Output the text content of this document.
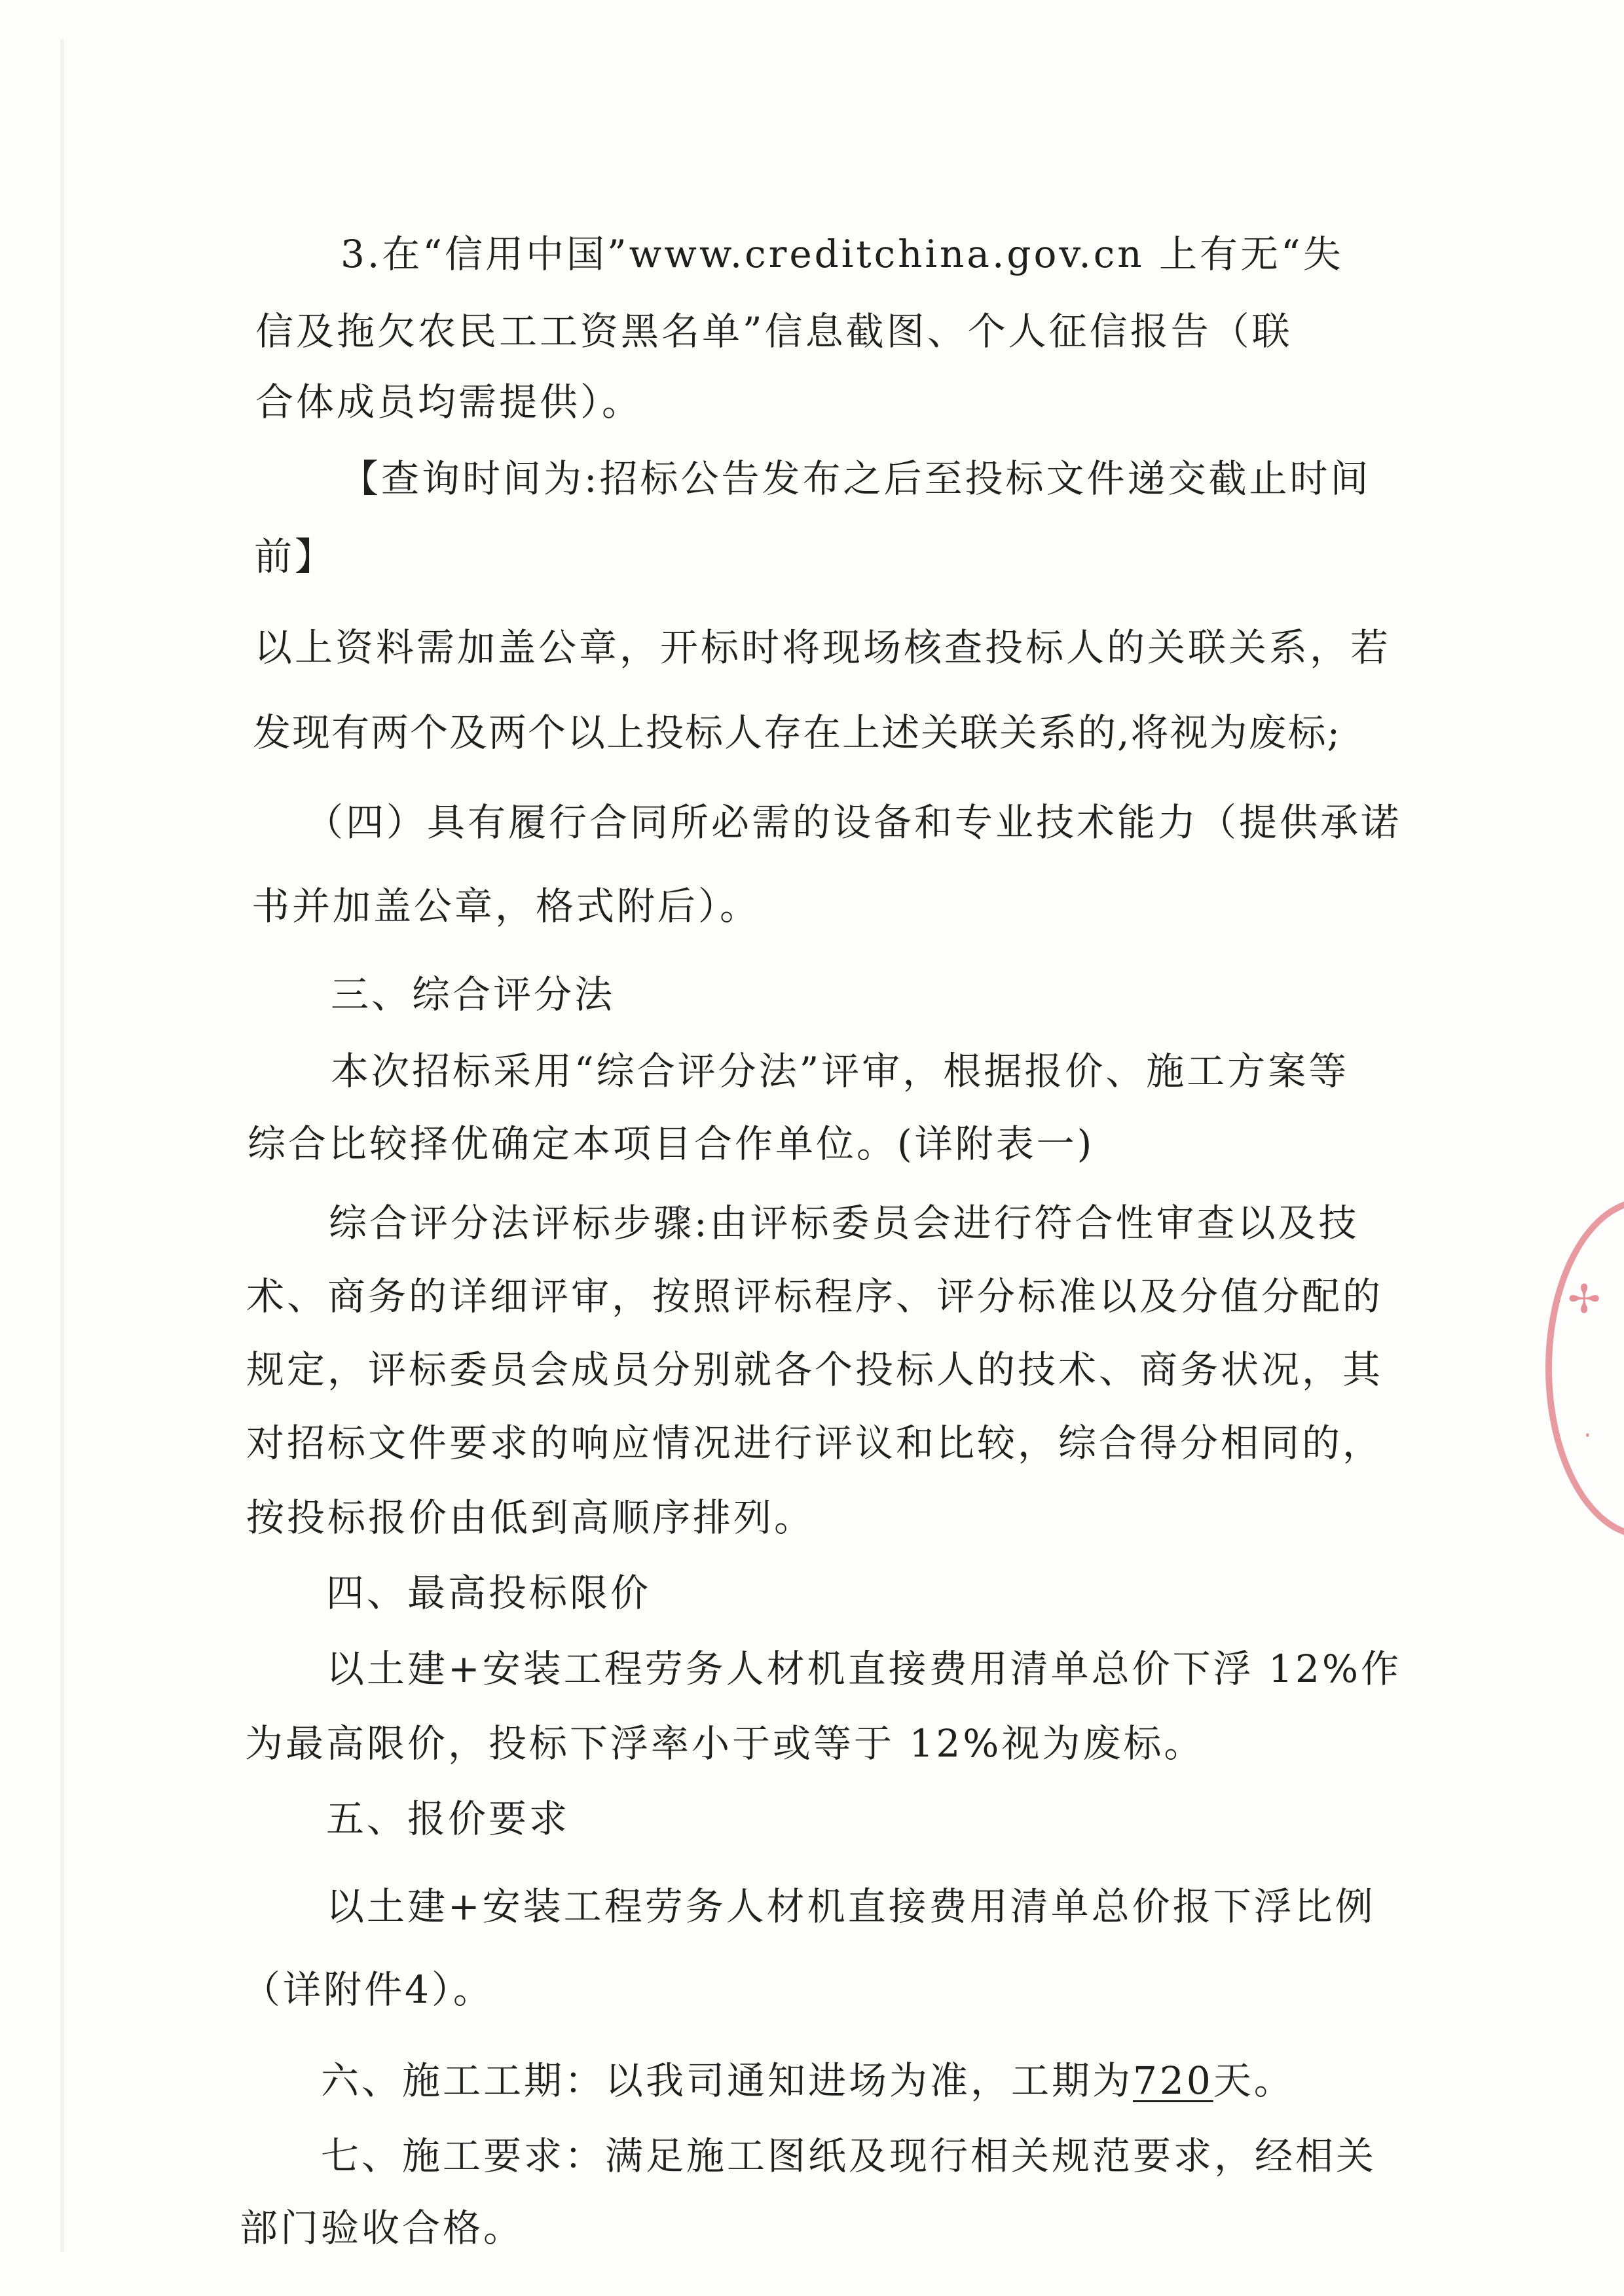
3.在“信用中国”www.creditchina.gov.cn 上有无“失
信及拖欠农民工工资黑名单”信息截图、个人征信报告（联
合体成员均需提供）。
【查询时间为:招标公告发布之后至投标文件递交截止时间
前】
以上资料需加盖公章，开标时将现场核查投标人的关联关系，若
发现有两个及两个以上投标人存在上述关联关系的,将视为废标;
（四）具有履行合同所必需的设备和专业技术能力（提供承诺
书并加盖公章，格式附后）。
三、综合评分法
本次招标采用“综合评分法”评审，根据报价、施工方案等
综合比较择优确定本项目合作单位。(详附表一)
综合评分法评标步骤:由评标委员会进行符合性审查以及技
术、商务的详细评审，按照评标程序、评分标准以及分值分配的
规定，评标委员会成员分别就各个投标人的技术、商务状况，其
对招标文件要求的响应情况进行评议和比较，综合得分相同的，
按投标报价由低到高顺序排列。
四、最高投标限价
以土建+安装工程劳务人材机直接费用清单总价下浮 12%作
为最高限价，投标下浮率小于或等于 12%视为废标。
五、报价要求
以土建+安装工程劳务人材机直接费用清单总价报下浮比例
（详附件4）。
六、施工工期：以我司通知进场为准，工期为720天。
七、施工要求：满足施工图纸及现行相关规范要求，经相关
部门验收合格。
✢
·
